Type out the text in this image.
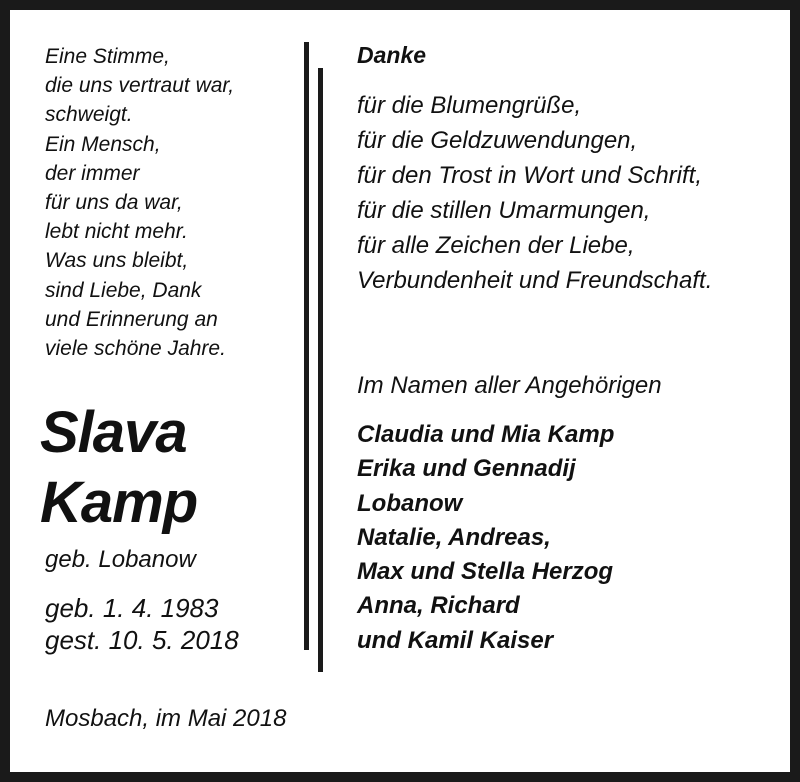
Eine Stimme,
die uns vertraut war,
schweigt.
Ein Mensch,
der immer
für uns da war,
lebt nicht mehr.
Was uns bleibt,
sind Liebe, Dank
und Erinnerung an
viele schöne Jahre.
Slava
Kamp
geb. Lobanow
geb. 1. 4. 1983
gest. 10. 5. 2018
Mosbach, im Mai 2018
Danke
für die Blumengrüße,
für die Geldzuwendungen,
für den Trost in Wort und Schrift,
für die stillen Umarmungen,
für alle Zeichen der Liebe,
Verbundenheit und Freundschaft.
Im Namen aller Angehörigen
Claudia und Mia Kamp
Erika und Gennadij
Lobanow
Natalie, Andreas,
Max und Stella Herzog
Anna, Richard
und Kamil Kaiser
